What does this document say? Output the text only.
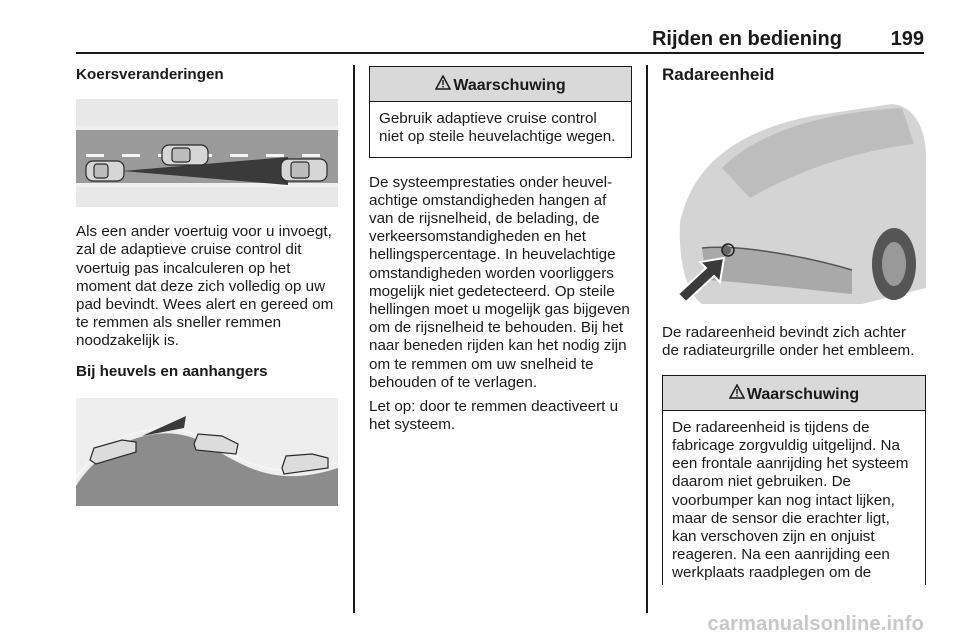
Rijden en bediening 199
Koersveranderingen

Als een ander voertuig voor u invoegt, zal de adaptieve cruise control dit voertuig pas incalculeren op het moment dat deze zich volledig op uw pad bevindt. Wees alert en gereed om te remmen als sneller remmen noodzakelijk is.

Bij heuvels en aanhangers
Waarschuwing
Gebruik adaptieve cruise control niet op steile heuvelachtige wegen.

De systeemprestaties onder heuvelachtige omstandigheden hangen af van de rijsnelheid, de belading, de verkeersomstandigheden en het hellingspercentage. In heuvelachtige omstandigheden worden voorliggers mogelijk niet gedetecteerd. Op steile hellingen moet u mogelijk gas bijgeven om de rijsnelheid te behouden. Bij het naar beneden rijden kan het nodig zijn om te remmen om uw snelheid te behouden of te verlagen.

Let op: door te remmen deactiveert u het systeem.

Radareenheid

De radareenheid bevindt zich achter de radiateurgrille onder het embleem.

Waarschuwing
De radareenheid is tijdens de fabricage zorgvuldig uitgelijnd. Na een frontale aanrijding het systeem daarom niet gebruiken. De voorbumper kan nog intact lijken, maar de sensor die erachter ligt, kan verschoven zijn en onjuist reageren. Na een aanrijding een werkplaats raadplegen om de
carmanualsonline.info
